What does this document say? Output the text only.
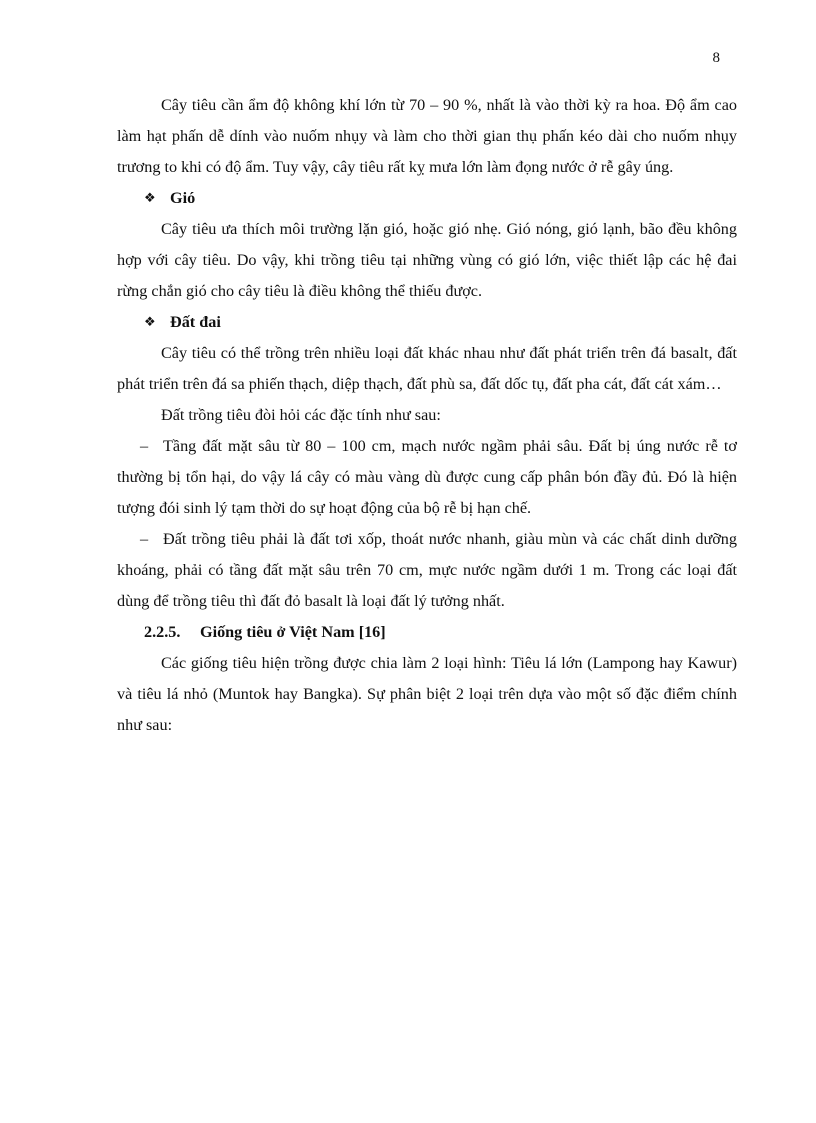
8

Cây tiêu cần ẩm độ không khí lớn từ 70 – 90 %, nhất là vào thời kỳ ra hoa. Độ ẩm cao làm hạt phấn dễ dính vào nuốm nhụy và làm cho thời gian thụ phấn kéo dài cho nuốm nhụy trương to khi có độ ẩm. Tuy vậy, cây tiêu rất kỵ mưa lớn làm đọng nước ở rễ gây úng.

❖ Gió

Cây tiêu ưa thích môi trường lặn gió, hoặc gió nhẹ. Gió nóng, gió lạnh, bão đều không hợp với cây tiêu. Do vậy, khi trồng tiêu tại những vùng có gió lớn, việc thiết lập các hệ đai rừng chắn gió cho cây tiêu là điều không thể thiếu được.

❖ Đất đai

Cây tiêu có thể trồng trên nhiều loại đất khác nhau như đất phát triển trên đá basalt, đất phát triển trên đá sa phiến thạch, diệp thạch, đất phù sa, đất dốc tụ, đất pha cát, đất cát xám…

Đất trồng tiêu đòi hỏi các đặc tính như sau:

– Tầng đất mặt sâu từ 80 – 100 cm, mạch nước ngầm phải sâu. Đất bị úng nước rễ tơ thường bị tổn hại, do vậy lá cây có màu vàng dù được cung cấp phân bón đầy đủ. Đó là hiện tượng đói sinh lý tạm thời do sự hoạt động của bộ rễ bị hạn chế.

– Đất trồng tiêu phải là đất tơi xốp, thoát nước nhanh, giàu mùn và các chất dinh dưỡng khoáng, phải có tầng đất mặt sâu trên 70 cm, mực nước ngầm dưới 1 m. Trong các loại đất dùng để trồng tiêu thì đất đỏ basalt là loại đất lý tưởng nhất.

2.2.5. Giống tiêu ở Việt Nam [16]

Các giống tiêu hiện trồng được chia làm 2 loại hình: Tiêu lá lớn (Lampong hay Kawur) và tiêu lá nhỏ (Muntok hay Bangka). Sự phân biệt 2 loại trên dựa vào một số đặc điểm chính như sau:
